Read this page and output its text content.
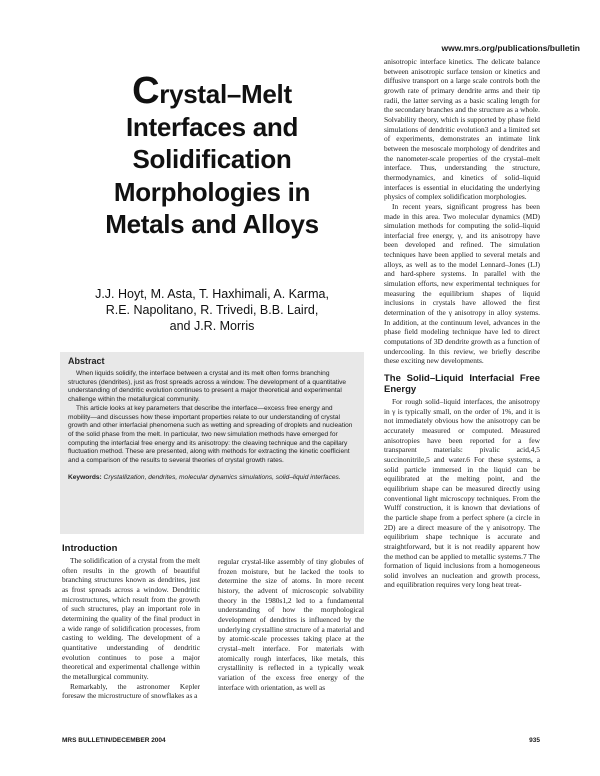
www.mrs.org/publications/bulletin
Crystal–Melt
Interfaces and
Solidification
Morphologies in
Metals and Alloys
J.J. Hoyt, M. Asta, T. Haxhimali, A. Karma,
R.E. Napolitano, R. Trivedi, B.B. Laird,
and J.R. Morris
Abstract

When liquids solidify, the interface between a crystal and its melt often forms branching structures (dendrites), just as frost spreads across a window. The development of a quantitative understanding of dendritic evolution continues to present a major theoretical and experimental challenge within the metallurgical community.

This article looks at key parameters that describe the interface—excess free energy and mobility—and discusses how these important properties relate to our understanding of crystal growth and other interfacial phenomena such as wetting and spreading of droplets and nucleation of the solid phase from the melt. In particular, two new simulation methods have emerged for computing the interfacial free energy and its anisotropy: the cleaving technique and the capillary fluctuation method. These are presented, along with methods for extracting the kinetic coefficient and a comparison of the results to several theories of crystal growth rates.

Keywords: Crystallization, dendrites, molecular dynamics simulations, solid–liquid interfaces.

Introduction

The solidification of a crystal from the melt often results in the growth of beautiful branching structures known as dendrites, just as frost spreads across a window. Dendritic microstructures, which result from the growth of such structures, play an important role in determining the quality of the final product in a wide range of solidification processes, from casting to welding. The development of a quantitative understanding of dendritic evolution continues to pose a major theoretical and experimental challenge within the metallurgical community.

Remarkably, the astronomer Kepler foresaw the microstructure of snowflakes as a

regular crystal-like assembly of tiny globules of frozen moisture, but he lacked the tools to determine the size of atoms. In more recent history, the advent of microscopic solvability theory in the 1980s1,2 led to a fundamental understanding of how the morphological development of dendrites is influenced by the underlying crystalline structure of a material and by atomic-scale processes taking place at the crystal–melt interface. For materials with atomically rough interfaces, like metals, this crystallinity is reflected in a typically weak variation of the excess free energy of the interface with orientation, as well as

anisotropic interface kinetics. The delicate balance between anisotropic surface tension or kinetics and diffusive transport on a large scale controls both the growth rate of primary dendrite arms and their tip radii, the latter serving as a basic scaling length for the secondary branches and the structure as a whole. Solvability theory, which is supported by phase field simulations of dendritic evolution3 and a limited set of experiments, demonstrates an intimate link between the mesoscale morphology of dendrites and the nanometer-scale properties of the crystal–melt interface. Thus, understanding the structure, thermodynamics, and kinetics of solid–liquid interfaces is essential in elucidating the underlying physics of complex solidification morphologies.

In recent years, significant progress has been made in this area. Two molecular dynamics (MD) simulation methods for computing the solid–liquid interfacial free energy, γ, and its anisotropy have been developed and refined. The simulation techniques have been applied to several metals and alloys, as well as to the model Lennard–Jones (LJ) and hard-sphere systems. In parallel with the simulation efforts, new experimental techniques for measuring the equilibrium shapes of liquid inclusions in crystals have allowed the first determination of the γ anisotropy in alloy systems. In addition, at the continuum level, advances in the phase field modeling technique have led to direct computations of 3D dendrite growth as a function of undercooling. In this review, we briefly describe these exciting new developments.

The Solid–Liquid Interfacial Free Energy

For rough solid–liquid interfaces, the anisotropy in γ is typically small, on the order of 1%, and it is not immediately obvious how the anisotropy can be accurately measured or computed. Measured anisotropies have been reported for a few transparent materials: pivalic acid,4,5 succinonitrile,5 and water.6 For these systems, a solid particle immersed in the liquid can be equilibrated at the melting point, and the equilibrium shape can be measured directly using conventional light microscopy techniques. From the Wulff construction, it is known that deviations of the particle shape from a perfect sphere (a circle in 2D) are a direct measure of the γ anisotropy. The equilibrium shape technique is accurate and straightforward, but it is not readily apparent how the method can be applied to metallic systems.7 The formation of liquid inclusions from a homogeneous solid involves an nucleation and growth process, and equilibration requires very long heat treat-

MRS BULLETIN/DECEMBER 2004	935
